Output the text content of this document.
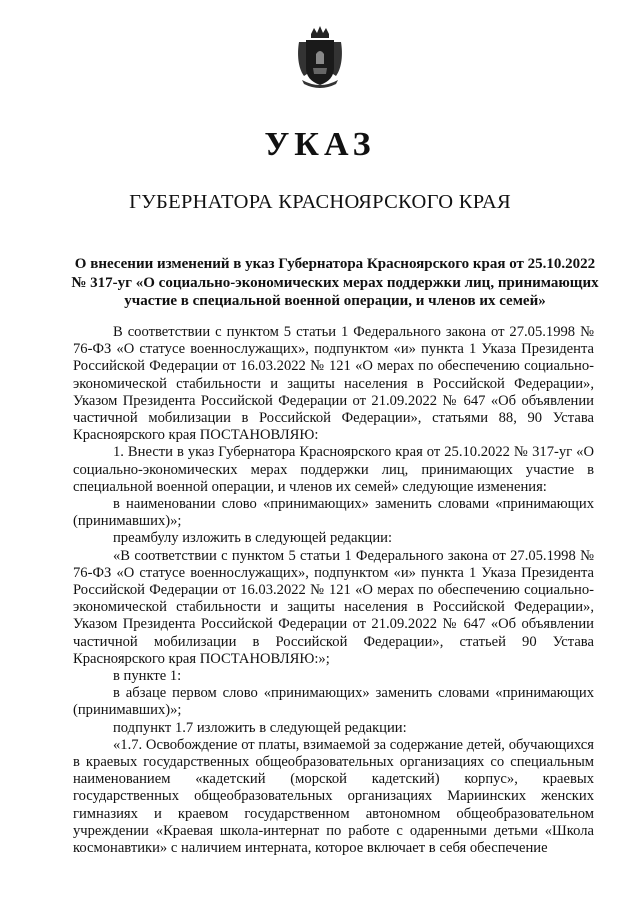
УКАЗ
ГУБЕРНАТОРА КРАСНОЯРСКОГО КРАЯ
О внесении изменений в указ Губернатора Красноярского края от 25.10.2022 № 317-уг «О социально-экономических мерах поддержки лиц, принимающих участие в специальной военной операции, и членов их семей»

В соответствии с пунктом 5 статьи 1 Федерального закона от 27.05.1998 № 76-ФЗ «О статусе военнослужащих», подпунктом «и» пункта 1 Указа Президента Российской Федерации от 16.03.2022 № 121 «О мерах по обеспечению социально-экономической стабильности и защиты населения в Российской Федерации», Указом Президента Российской Федерации от 21.09.2022 № 647 «Об объявлении частичной мобилизации в Российской Федерации», статьями 88, 90 Устава Красноярского края ПОСТАНОВЛЯЮ:

1. Внести в указ Губернатора Красноярского края от 25.10.2022 № 317-уг «О социально-экономических мерах поддержки лиц, принимающих участие в специальной военной операции, и членов их семей» следующие изменения:

в наименовании слово «принимающих» заменить словами «принимающих (принимавших)»;

преамбулу изложить в следующей редакции:

«В соответствии с пунктом 5 статьи 1 Федерального закона от 27.05.1998 № 76-ФЗ «О статусе военнослужащих», подпунктом «и» пункта 1 Указа Президента Российской Федерации от 16.03.2022 № 121 «О мерах по обеспечению социально-экономической стабильности и защиты населения в Российской Федерации», Указом Президента Российской Федерации от 21.09.2022 № 647 «Об объявлении частичной мобилизации в Российской Федерации», статьей 90 Устава Красноярского края ПОСТАНОВЛЯЮ:»;

в пункте 1:

в абзаце первом слово «принимающих» заменить словами «принимающих (принимавших)»;

подпункт 1.7 изложить в следующей редакции:

«1.7. Освобождение от платы, взимаемой за содержание детей, обучающихся в краевых государственных общеобразовательных организациях со специальным наименованием «кадетский (морской кадетский) корпус», краевых государственных общеобразовательных организациях Мариинских женских гимназиях и краевом государственном автономном общеобразовательном учреждении «Краевая школа-интернат по работе с одаренными детьми «Школа космонавтики» с наличием интерната, которое включает в себя обеспечение
